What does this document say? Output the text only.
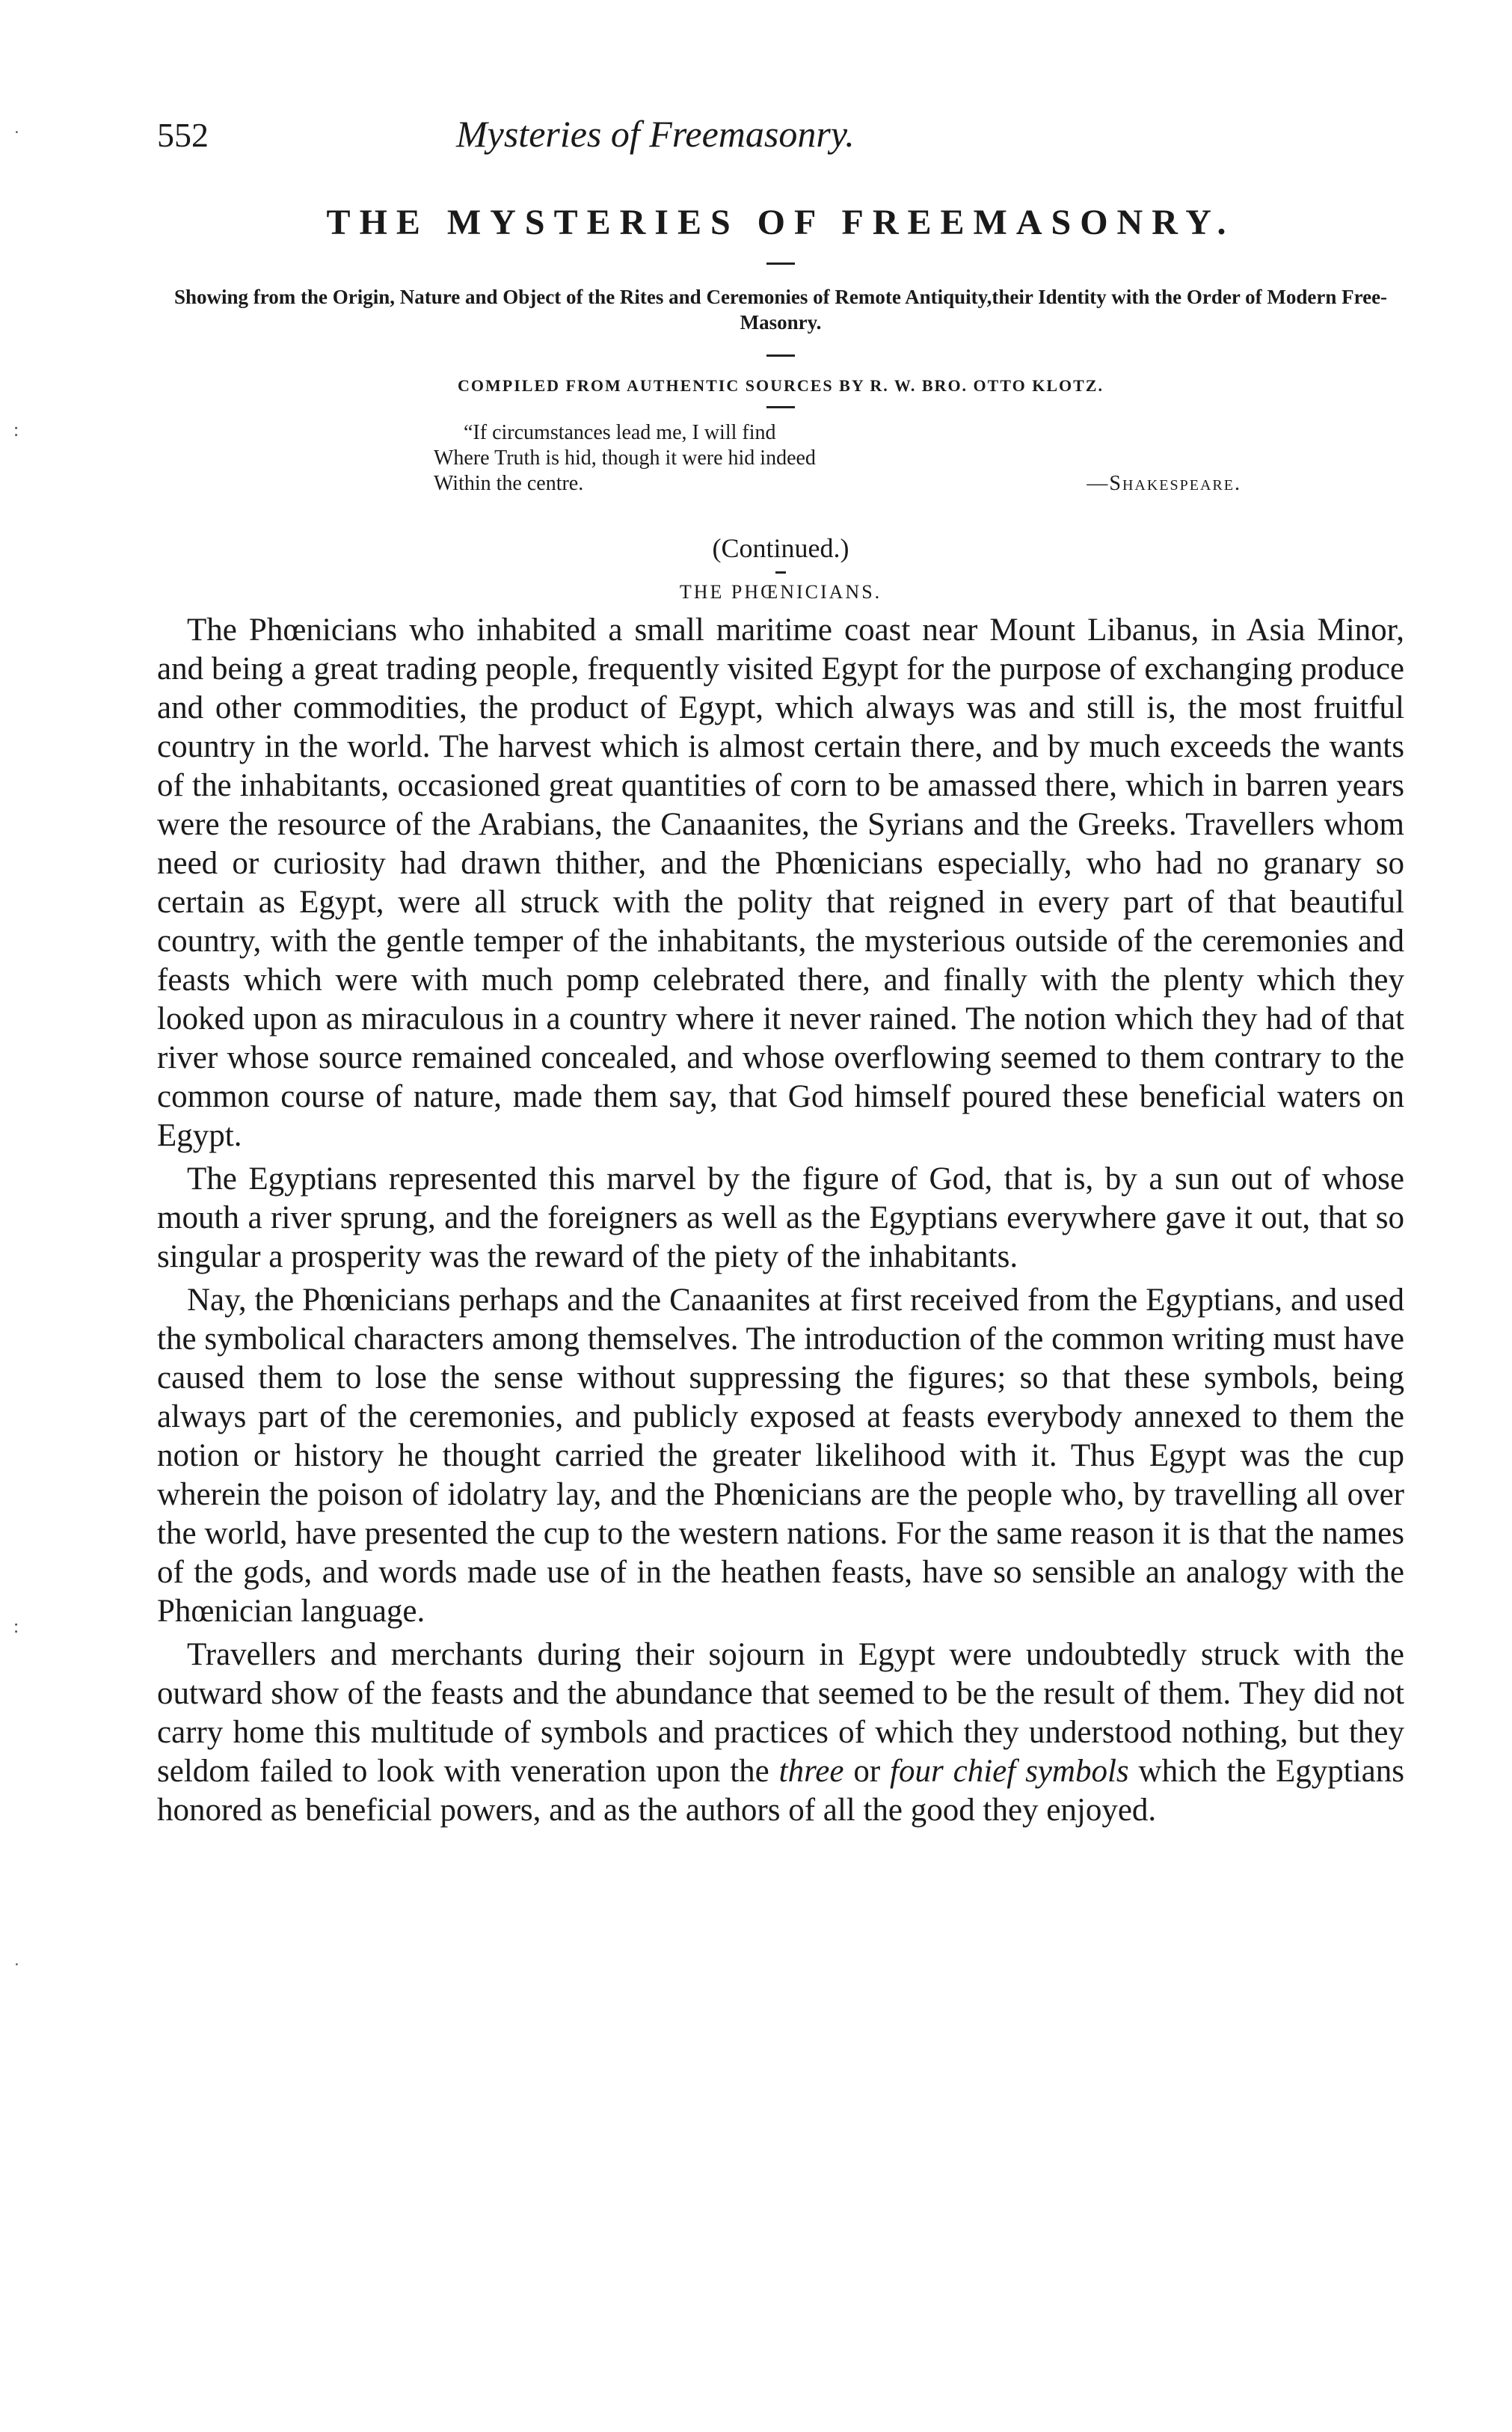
552	Mysteries of Freemasonry.
THE MYSTERIES OF FREEMASONRY.
Showing from the Origin, Nature and Object of the Rites and Ceremonies of Remote Antiquity,their Identity with the Order of Modern Free-Masonry.
COMPILED FROM AUTHENTIC SOURCES BY R. W. BRO. OTTO KLOTZ.
“If circumstances lead me, I will find
Where Truth is hid, though it were hid indeed
Within the centre.	—Shakespeare.
(Continued.)
THE PHŒNICIANS.

The Phœnicians who inhabited a small maritime coast near Mount Libanus, in Asia Minor, and being a great trading people, frequently visited Egypt for the purpose of exchanging produce and other commodities, the product of Egypt, which always was and still is, the most fruitful country in the world. The harvest which is almost certain there, and by much exceeds the wants of the inhabitants, occasioned great quantities of corn to be amassed there, which in barren years were the resource of the Arabians, the Canaanites, the Syrians and the Greeks. Travellers whom need or curiosity had drawn thither, and the Phœnicians especially, who had no granary so certain as Egypt, were all struck with the polity that reigned in every part of that beautiful country, with the gentle temper of the inhabitants, the mysterious outside of the ceremonies and feasts which were with much pomp celebrated there, and finally with the plenty which they looked upon as miraculous in a country where it never rained. The notion which they had of that river whose source remained concealed, and whose overflowing seemed to them contrary to the common course of nature, made them say, that God himself poured these beneficial waters on Egypt.

The Egyptians represented this marvel by the figure of God, that is, by a sun out of whose mouth a river sprung, and the foreigners as well as the Egyptians everywhere gave it out, that so singular a prosperity was the reward of the piety of the inhabitants.

Nay, the Phœnicians perhaps and the Canaanites at first received from the Egyptians, and used the symbolical characters among themselves. The introduction of the common writing must have caused them to lose the sense without suppressing the figures; so that these symbols, being always part of the ceremonies, and publicly exposed at feasts everybody annexed to them the notion or history he thought carried the greater likelihood with it. Thus Egypt was the cup wherein the poison of idolatry lay, and the Phœnicians are the people who, by travelling all over the world, have presented the cup to the western nations. For the same reason it is that the names of the gods, and words made use of in the heathen feasts, have so sensible an analogy with the Phœnician language.

Travellers and merchants during their sojourn in Egypt were undoubtedly struck with the outward show of the feasts and the abundance that seemed to be the result of them. They did not carry home this multitude of symbols and practices of which they understood nothing, but they seldom failed to look with veneration upon the three or four chief symbols which the Egyptians honored as beneficial powers, and as the authors of all the good they enjoyed.

˙
:
:
˙
